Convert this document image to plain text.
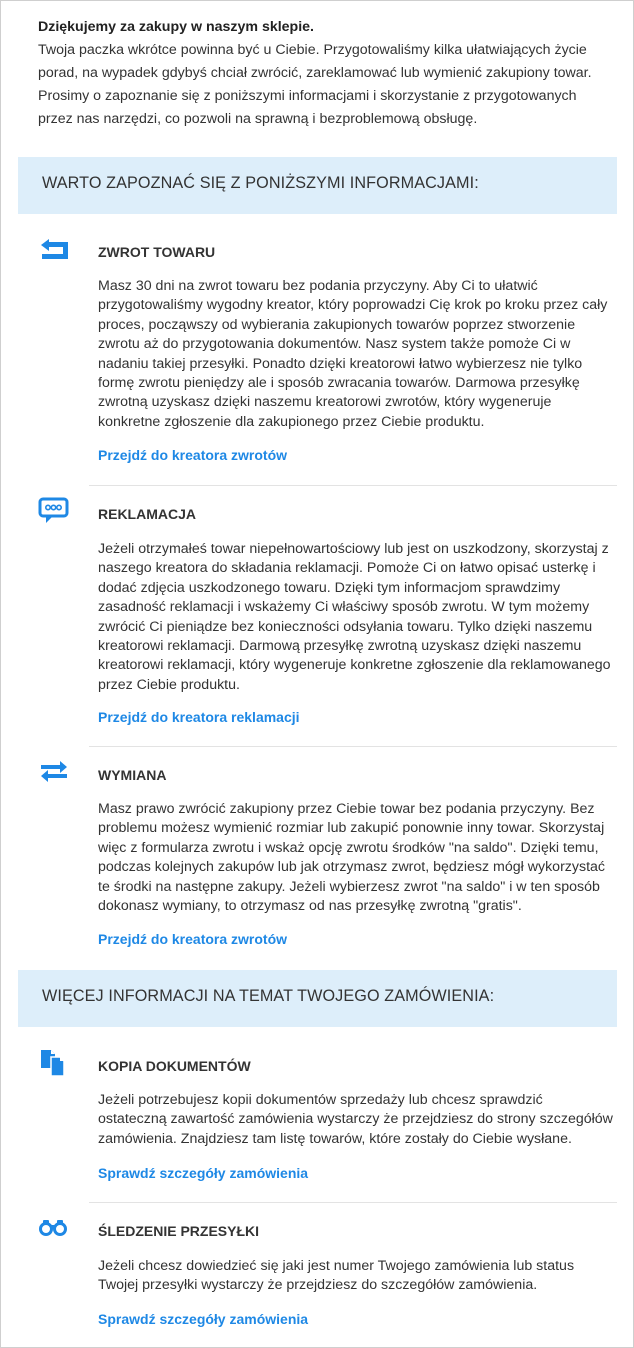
Dziękujemy za zakupy w naszym sklepie.
Twoja paczka wkrótce powinna być u Ciebie. Przygotowaliśmy kilka ułatwiających życie
porad, na wypadek gdybyś chciał zwrócić, zareklamować lub wymienić zakupiony towar.
Prosimy o zapoznanie się z poniższymi informacjami i skorzystanie z przygotowanych
przez nas narzędzi, co pozwoli na sprawną i bezproblemową obsługę.
WARTO ZAPOZNAĆ SIĘ Z PONIŻSZYMI INFORMACJAMI:
ZWROT TOWARU
Masz 30 dni na zwrot towaru bez podania przyczyny. Aby Ci to ułatwić
przygotowaliśmy wygodny kreator, który poprowadzi Cię krok po kroku przez cały
proces, począwszy od wybierania zakupionych towarów poprzez stworzenie
zwrotu aż do przygotowania dokumentów. Nasz system także pomoże Ci w
nadaniu takiej przesyłki. Ponadto dzięki kreatorowi łatwo wybierzesz nie tylko
formę zwrotu pieniędzy ale i sposób zwracania towarów. Darmowa przesyłkę
zwrotną uzyskasz dzięki naszemu kreatorowi zwrotów, który wygeneruje
konkretne zgłoszenie dla zakupionego przez Ciebie produktu.
Przejdź do kreatora zwrotów
REKLAMACJA
Jeżeli otrzymałeś towar niepełnowartościowy lub jest on uszkodzony, skorzystaj z
naszego kreatora do składania reklamacji. Pomoże Ci on łatwo opisać usterkę i
dodać zdjęcia uszkodzonego towaru. Dzięki tym informacjom sprawdzimy
zasadność reklamacji i wskażemy Ci właściwy sposób zwrotu. W tym możemy
zwrócić Ci pieniądze bez konieczności odsyłania towaru. Tylko dzięki naszemu
kreatorowi reklamacji. Darmową przesyłkę zwrotną uzyskasz dzięki naszemu
kreatorowi reklamacji, który wygeneruje konkretne zgłoszenie dla reklamowanego
przez Ciebie produktu.
Przejdź do kreatora reklamacji
WYMIANA
Masz prawo zwrócić zakupiony przez Ciebie towar bez podania przyczyny. Bez
problemu możesz wymienić rozmiar lub zakupić ponownie inny towar. Skorzystaj
więc z formularza zwrotu i wskaż opcję zwrotu środków "na saldo". Dzięki temu,
podczas kolejnych zakupów lub jak otrzymasz zwrot, będziesz mógł wykorzystać
te środki na następne zakupy. Jeżeli wybierzesz zwrot "na saldo" i w ten sposób
dokonasz wymiany, to otrzymasz od nas przesyłkę zwrotną "gratis".
Przejdź do kreatora zwrotów
WIĘCEJ INFORMACJI NA TEMAT TWOJEGO ZAMÓWIENIA:
KOPIA DOKUMENTÓW
Jeżeli potrzebujesz kopii dokumentów sprzedaży lub chcesz sprawdzić
ostateczną zawartość zamówienia wystarczy że przejdziesz do strony szczegółów
zamówienia. Znajdziesz tam listę towarów, które zostały do Ciebie wysłane.
Sprawdź szczegóły zamówienia
ŚLEDZENIE PRZESYŁKI
Jeżeli chcesz dowiedzieć się jaki jest numer Twojego zamówienia lub status
Twojej przesyłki wystarczy że przejdziesz do szczegółów zamówienia.
Sprawdź szczegóły zamówienia
